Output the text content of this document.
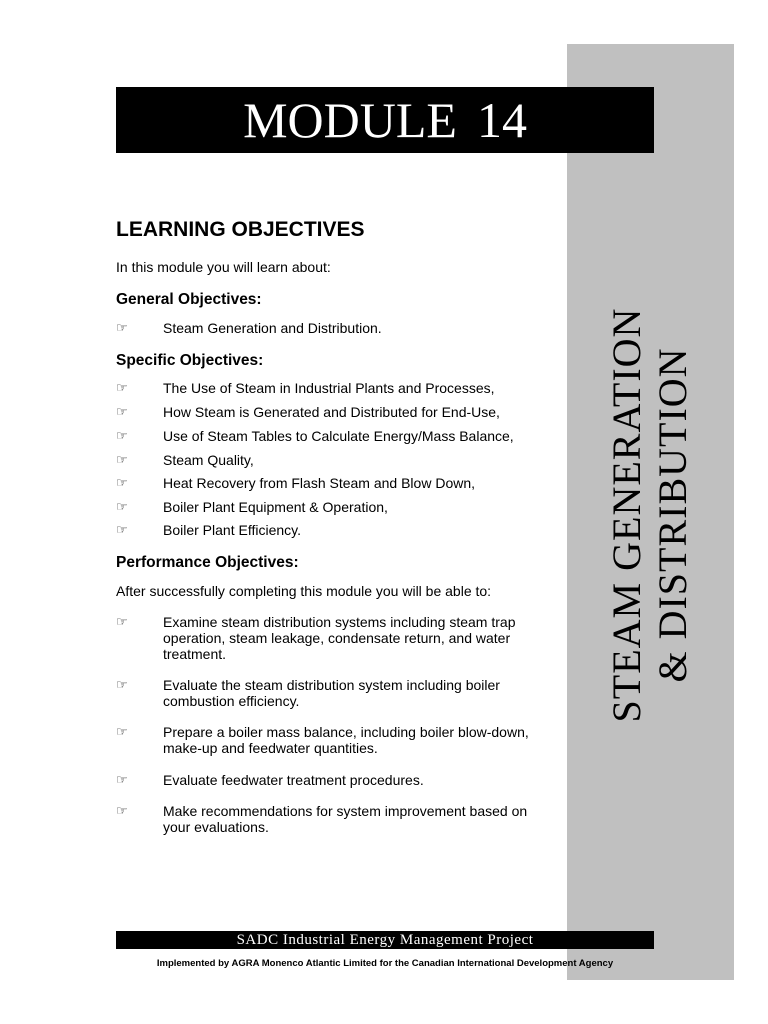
STEAM GENERATION & DISTRIBUTION
MODULE 14
LEARNING OBJECTIVES
In this module you will learn about:
General Objectives:
☞	Steam Generation and Distribution.
Specific Objectives:
☞	The Use of Steam in Industrial Plants and Processes,
☞	How Steam is Generated and Distributed for End-Use,
☞	Use of Steam Tables to Calculate Energy/Mass Balance,
☞	Steam Quality,
☞	Heat Recovery from Flash Steam and Blow Down,
☞	Boiler Plant Equipment & Operation,
☞	Boiler Plant Efficiency.
Performance Objectives:
After successfully completing this module you will be able to:
☞	Examine steam distribution systems including steam trap operation, steam leakage, condensate return, and water treatment.
☞	Evaluate the steam distribution system including boiler combustion efficiency.
☞	Prepare a boiler mass balance, including boiler blow-down, make-up and feedwater quantities.
☞	Evaluate feedwater treatment procedures.
☞	Make recommendations for system improvement based on your evaluations.
SADC Industrial Energy Management Project
Implemented by AGRA Monenco Atlantic Limited for the Canadian International Development Agency
